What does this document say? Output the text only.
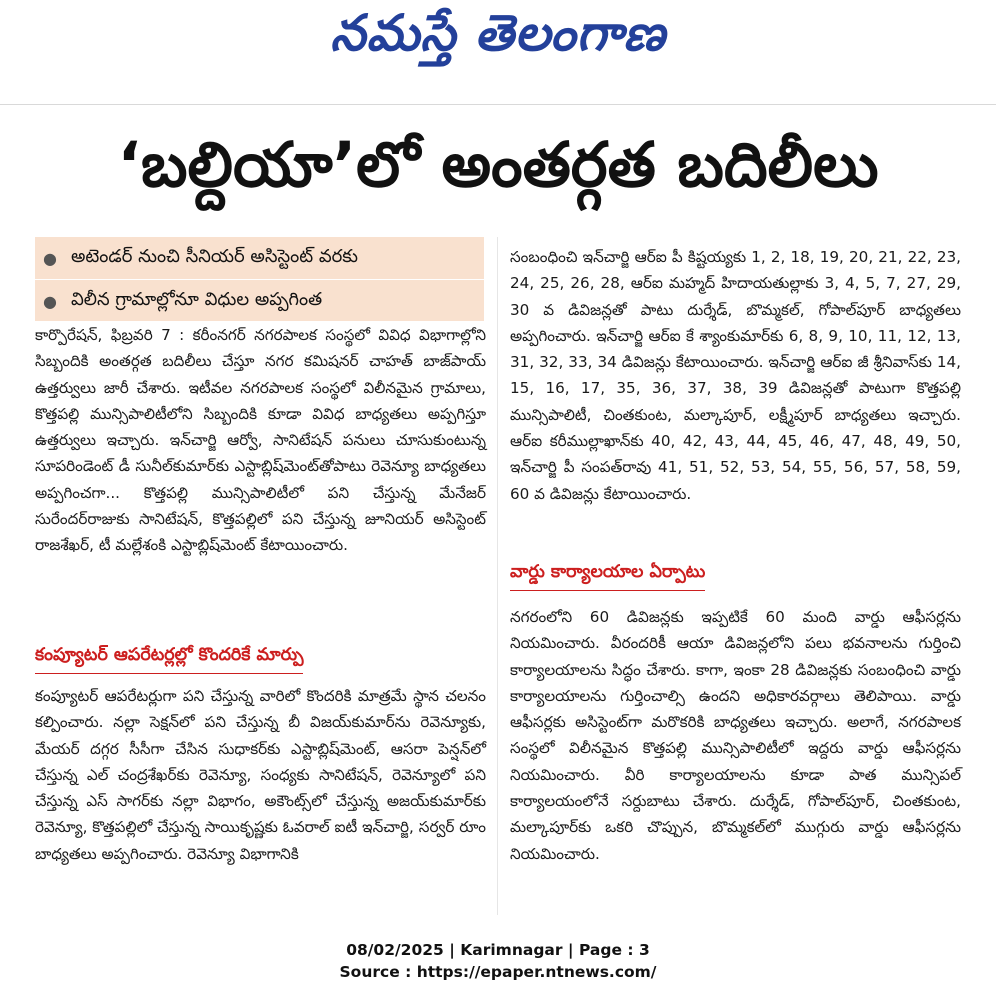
నమస్తే తెలంగాణ
‘బల్దియా’లో అంతర్గత బదిలీలు
● అటెండర్ నుంచి సీనియర్ అసిస్టెంట్ వరకు
● విలీన గ్రామాల్లోనూ విధుల అప్పగింత
కార్పొరేషన్, ఫిబ్రవరి 7 : కరీంనగర్ నగరపాలక సంస్థలో వివిధ విభాగాల్లోని సిబ్బందికి అంతర్గత బదిలీలు చేస్తూ నగర కమిషనర్ చాహత్ బాజ్‌పాయ్ ఉత్తర్వులు జారీ చేశారు. ఇటీవల నగరపాలక సంస్థలో విలీనమైన గ్రామాలు, కొత్తపల్లి మున్సిపాలిటీలోని సిబ్బందికి కూడా వివిధ బాధ్యతలు అప్పగిస్తూ ఉత్తర్వులు ఇచ్చారు. ఇన్‌చార్జి ఆర్వో, సానిటేషన్ పనులు చూసుకుంటున్న సూపరిండెంట్ డీ సునీల్‌కుమార్‌కు ఎస్టాబ్లిష్‌మెంట్‌తోపాటు రెవెన్యూ బాధ్యతలు అప్పగించగా... కొత్తపల్లి మున్సిపాలిటీలో పని చేస్తున్న మేనేజర్ సురేందర్‌రాజుకు సానిటేషన్, కొత్తపల్లిలో పని చేస్తున్న జూనియర్ అసిస్టెంట్ రాజశేఖర్, టీ మల్లేశంకి ఎస్టాబ్లిష్‌మెంట్ కేటాయించారు.
కంప్యూటర్ ఆపరేటర్లల్లో కొందరికే మార్పు
కంప్యూటర్ ఆపరేటర్లుగా పని చేస్తున్న వారిలో కొందరికి మాత్రమే స్థాన చలనం కల్పించారు. నల్లా సెక్షన్‌లో పని చేస్తున్న బీ విజయ్‌కుమార్‌ను రెవెన్యూకు, మేయర్ దగ్గర సీసీగా చేసిన సుధాకర్‌కు ఎస్టాబ్లిష్‌మెంట్, ఆసరా పెన్షన్‌లో చేస్తున్న ఎల్ చంద్రశేఖర్‌కు రెవెన్యూ, సంధ్యకు సానిటేషన్, రెవెన్యూలో పని చేస్తున్న ఎస్ సాగర్‌కు నల్లా విభాగం, అకౌంట్స్‌లో చేస్తున్న అజయ్‌కుమార్‌కు రెవెన్యూ, కొత్తపల్లిలో చేస్తున్న సాయికృష్ణకు ఓవరాల్ ఐటీ ఇన్‌చార్జి, సర్వర్ రూం బాధ్యతలు అప్పగించారు. రెవెన్యూ విభాగానికి
సంబంధించి ఇన్‌చార్జి ఆర్ఐ పీ కిష్టయ్యకు 1, 2, 18, 19, 20, 21, 22, 23, 24, 25, 26, 28, ఆర్ఐ మహ్మద్ హిదాయతుల్లాకు 3, 4, 5, 7, 27, 29, 30 వ డివిజన్లతో పాటు దుర్శేడ్, బొమ్మకల్, గోపాల్‌పూర్ బాధ్యతలు అప్పగించారు. ఇన్‌చార్జి ఆర్ఐ కే శ్యాంకుమార్‌కు 6, 8, 9, 10, 11, 12, 13, 31, 32, 33, 34 డివిజన్లు కేటాయించారు. ఇన్‌చార్జి ఆర్ఐ జీ శ్రీనివాస్‌కు 14, 15, 16, 17, 35, 36, 37, 38, 39 డివిజన్లతో పాటుగా కొత్తపల్లి మున్సిపాలిటీ, చింతకుంట, మల్కాపూర్, లక్ష్మీపూర్ బాధ్యతలు ఇచ్చారు. ఆర్ఐ కరీముల్లాఖాన్‌కు 40, 42, 43, 44, 45, 46, 47, 48, 49, 50, ఇన్‌చార్జి పీ సంపత్‌రావు 41, 51, 52, 53, 54, 55, 56, 57, 58, 59, 60 వ డివిజన్లు కేటాయించారు.
వార్డు కార్యాలయాల ఏర్పాటు
నగరంలోని 60 డివిజన్లకు ఇప్పటికే 60 మంది వార్డు ఆఫీసర్లను నియమించారు. వీరందరికీ ఆయా డివిజన్లలోని పలు భవనాలను గుర్తించి కార్యాలయాలను సిద్ధం చేశారు. కాగా, ఇంకా 28 డివిజన్లకు సంబంధించి వార్డు కార్యాలయాలను గుర్తించాల్సి ఉందని అధికారవర్గాలు తెలిపాయి. వార్డు ఆఫీసర్లకు అసిస్టెంట్‌గా మరొకరికి బాధ్యతలు ఇచ్చారు. అలాగే, నగరపాలక సంస్థలో విలీనమైన కొత్తపల్లి మున్సిపాలిటీలో ఇద్దరు వార్డు ఆఫీసర్లను నియమించారు. వీరి కార్యాలయాలను కూడా పాత మున్సిపల్ కార్యాలయంలోనే సర్దుబాటు చేశారు. దుర్శేడ్, గోపాల్‌పూర్, చింతకుంట, మల్కాపూర్‌కు ఒకరి చొప్పున, బొమ్మకల్‌లో ముగ్గురు వార్డు ఆఫీసర్లను నియమించారు.
08/02/2025 | Karimnagar | Page : 3
Source : https://epaper.ntnews.com/
